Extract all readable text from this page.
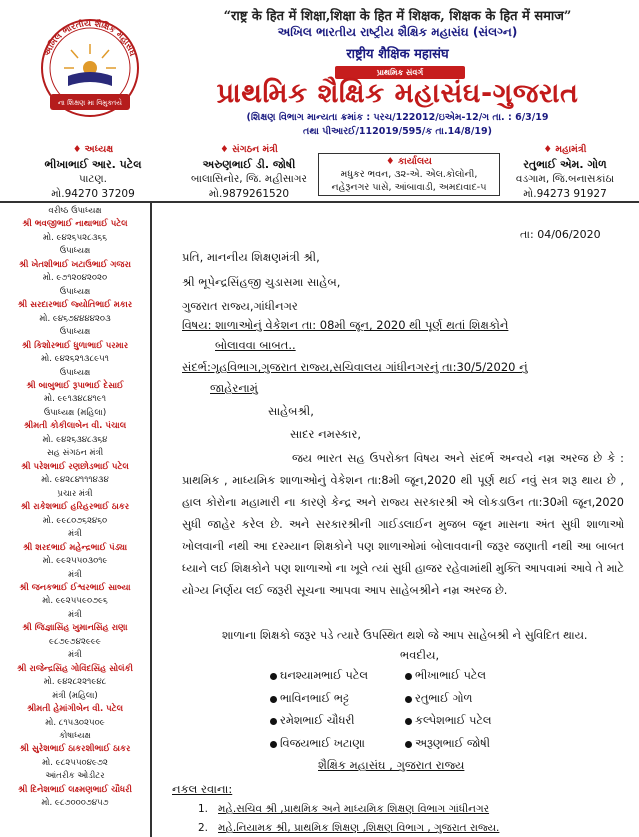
અખિલ ભારતીય શૈક્ષિક મહાસંઘ
ના શિક્ષણ મા વિમુક્તયે
“राष्ट्र के हित में शिक्षा,शिक्षा के हित में शिक्षक, शिक्षक के हित में समाज”
અખિલ ભારતીય રાષ્ટ્રીય શૈક્ષિક મહાસંઘ (સંલગ્ન)
राष्ट्रीय शैक्षिक महासंघ
પ્રાથમિક સંવર્ગ
પ્રાથમિક શૈક્ષિક મહાસંઘ-ગુજરાત
(શિક્ષણ વિભાગ માન્યતા ક્રમાંક : પરચ/122012/ઇએમ-12/ગ તા. : 6/3/19
તથા પીઆરઈ/112019/595/ક તા.14/8/19)
♦ અધ્યક્ષ
ભીખાભાઈ આર. પટેલ
પાટણ.
મો.94270 37209
♦ સંગઠન મંત્રી
અરુણભાઈ ડી. જોષી
બાલાસિનોર, જિ. મહીસાગર
મો.9879261520
♦ કાર્યાલય
મધુકર ભવન, ૩૨-એ. એલ.કોલોની,
નહેરૂનગર પાસે, આંબાવાડી, અમદાવાદ-૫
♦ મહામંત્રી
રતુભાઈ એમ. ગોળ
વડગામ, જિ.બનાસકાંઠા
મો.94273 91927
વરીષ્ઠ ઉપાધ્યક્ષ
શ્રી ભવજીભાઈ નાથાભાઈ પટેલ
મો. ૯૪૨૬૫૨૮૩૬૬
ઉપાધ્યક્ષ
શ્રી ખેતશીભાઈ ખટાઉભાઈ ગજરા
મો. ૯૭૧૨૦૪૨૦૨૦
ઉપાધ્યક્ષ
શ્રી સરદારભાઈ જ્યોતિભાઈ મકાર
મો. ૯૪૬૭૪૪૪૪૨૦૩
ઉપાધ્યક્ષ
શ્રી કિશોરભાઈ ધુળાભાઈ પરમાર
મો. ૯૪૨૬૨૧૩૮૯૫૧
ઉપાધ્યક્ષ
શ્રી બાબુભાઈ રૂપાભાઈ દેસાઈ
મો. ૯૯૧૩૪૮૪૧૯૧
ઉપાધ્યક્ષ (મહિલા)
શ્રીમતી કોકીલાબેન વી. પંચાલ
મો. ૯૪૨૬૩૪૮૩૬૪
સહ સંગઠન મંત્રી
શ્રી પરેશભાઈ રણછોડભાઈ પટેલ
મો. ૯૪૨૮૪૧૧૧૪૩૪
પ્રચાર મંત્રી
શ્રી રાકેશભાઈ હરિહરભાઈ ઠાકર
મો. ૯૯૮૦૭૬૨૪૬૦
મંત્રી
શ્રી શરદભાઈ મહેન્દ્રભાઈ પંડ્યા
મો. ૯૯૨૫૫૦૩૦૧૯
મંત્રી
શ્રી જનકભાઈ ઈશ્વરભાઈ સાબ્યા
મો. ૯૯૨૫૫૯૦૭૯૬
મંત્રી
શ્રી જિજ્ઞાસિંહ ખુમાનસિંહ રાણા
૯૮૭૯૭૪૨૯૯૯
મંત્રી
શ્રી રાજેન્દ્રસિંહ ગોવિંદસિંહ સોલંકી
મો. ૯૪૨૮૨૨૧૯૪૮
મંત્રી (મહિલા)
શ્રીમતી હેમાંગીબેન વી. પટેલ
મો. ૮૧૫૩૦૨૫૦૯
કોષાધ્યક્ષ
શ્રી સુરેશભાઈ ઠાકરશીભાઈ ઠાકર
મો. ૯૮૨૫૫૦૪૯૭૨
આંતરીક ઓડીટર
શ્રી દિનેશભાઈ લક્ષ્મણભાઈ ચૌધરી
મો. ૯૮૭૦૦૦૭૪૫૭
તા: 04/06/2020
પ્રતિ, માનનીય શિક્ષણમંત્રી શ્રી,
શ્રી ભૂપેન્દ્રસિંહજી ચુડાસમા સાહેબ,
ગુજરાત રાજ્ય,ગાંધીનગર
વિષય: શાળાઓનું વેકેશન તા: 08મી જૂન, 2020 થી પૂર્ણ થતાં શિક્ષકોને
બોલાવવા બાબત..
સંદર્ભ:ગૃહવિભાગ,ગુજરાત રાજ્ય,સચિવાલય ગાંધીનગરનું તા:30/5/2020 નું
જાહેરનામું
સાહેબશ્રી,
સાદર નમસ્કાર,
જય ભારત સહ ઉપરોક્ત વિષય અને સંદર્ભ અન્વયે નમ્ર અરજ છે કે : પ્રાથમિક , માધ્યમિક શાળાઓનું વેકેશન તા:8મી જૂન,2020 થી પૂર્ણ થઈ નવું સત્ર શરૂ થાય છે , હાલ કોરોના મહામારી ના કારણે કેન્દ્ર અને રાજ્ય સરકારશ્રી એ લોકડાઉન તા:30મી જૂન,2020 સુધી જાહેર કરેલ છે. અને સરકારશ્રીની ગાઈડલાઈન મુજબ જૂન માસના અંત સુધી શાળાઓ ખોલવાની નથી આ દરમ્યાન શિક્ષકોને પણ શાળાઓમાં બોલાવવાની જરૂર જણાતી નથી આ બાબત ધ્યાને લઈ શિક્ષકોને પણ શાળાઓ ના ખૂલે ત્યાં સુધી હાજર રહેવામાંથી મુક્તિ આપવામાં આવે તે માટે યોગ્ય નિર્ણય લઈ જરૂરી સૂચના આપવા આપ સાહેબશ્રીને નમ્ર અરજ છે.
શાળાના શિક્ષકો જરૂર પડે ત્યારે ઉપસ્થિત થશે જે આપ સાહેબશ્રી ને સુવિદિત થાય.
ભવદીય,
ઘનશ્યામભાઈ પટેલ	ભીખાભાઈ પટેલ
ભાવિનભાઈ ભટ્ટ	રતુભાઈ ગોળ
રમેશભાઈ ચૌધરી	કલ્પેશભાઈ પટેલ
વિજયભાઈ ખટાણા	અરૂણભાઈ જોષી
શૈક્ષિક મહાસંઘ , ગુજરાત રાજ્ય
નકલ રવાના:
1. મહે.સચિવ શ્રી ,પ્રાથમિક અને માધ્યમિક શિક્ષણ વિભાગ ગાંધીનગર
2. મહે.નિયામક શ્રી, પ્રાથમિક શિક્ષણ ,શિક્ષણ વિભાગ , ગુજરાત રાજ્ય.
